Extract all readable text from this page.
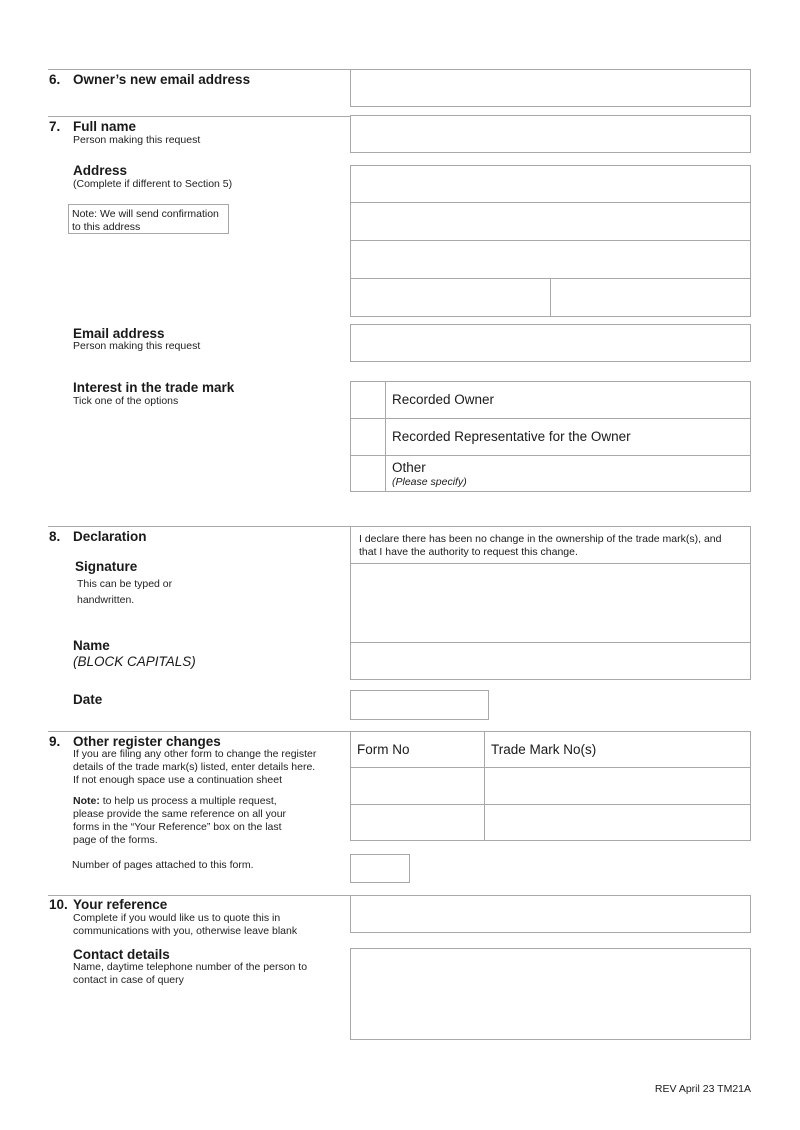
6. Owner’s new email address
7. Full name
Person making this request
Address
(Complete if different to Section 5)
Note: We will send confirmation
to this address
Email address
Person making this request
Interest in the trade mark
Tick one of the options	Recorded Owner
Recorded Representative for the Owner
Other
(Please specify)
8. Declaration	I declare there has been no change in the ownership of the trade mark(s), and
that I have the authority to request this change.
Signature
This can be typed or
handwritten.
Name
(BLOCK CAPITALS)
Date
9. Other register changes
If you are filing any other form to change the register
details of the trade mark(s) listed, enter details here.
If not enough space use a continuation sheet
Note: to help us process a multiple request,
please provide the same reference on all your
forms in the “Your Reference” box on the last
page of the forms.
Form No	Trade Mark No(s)
Number of pages attached to this form.
10. Your reference
Complete if you would like us to quote this in
communications with you, otherwise leave blank
Contact details
Name, daytime telephone number of the person to
contact in case of query
REV April 23 TM21A
